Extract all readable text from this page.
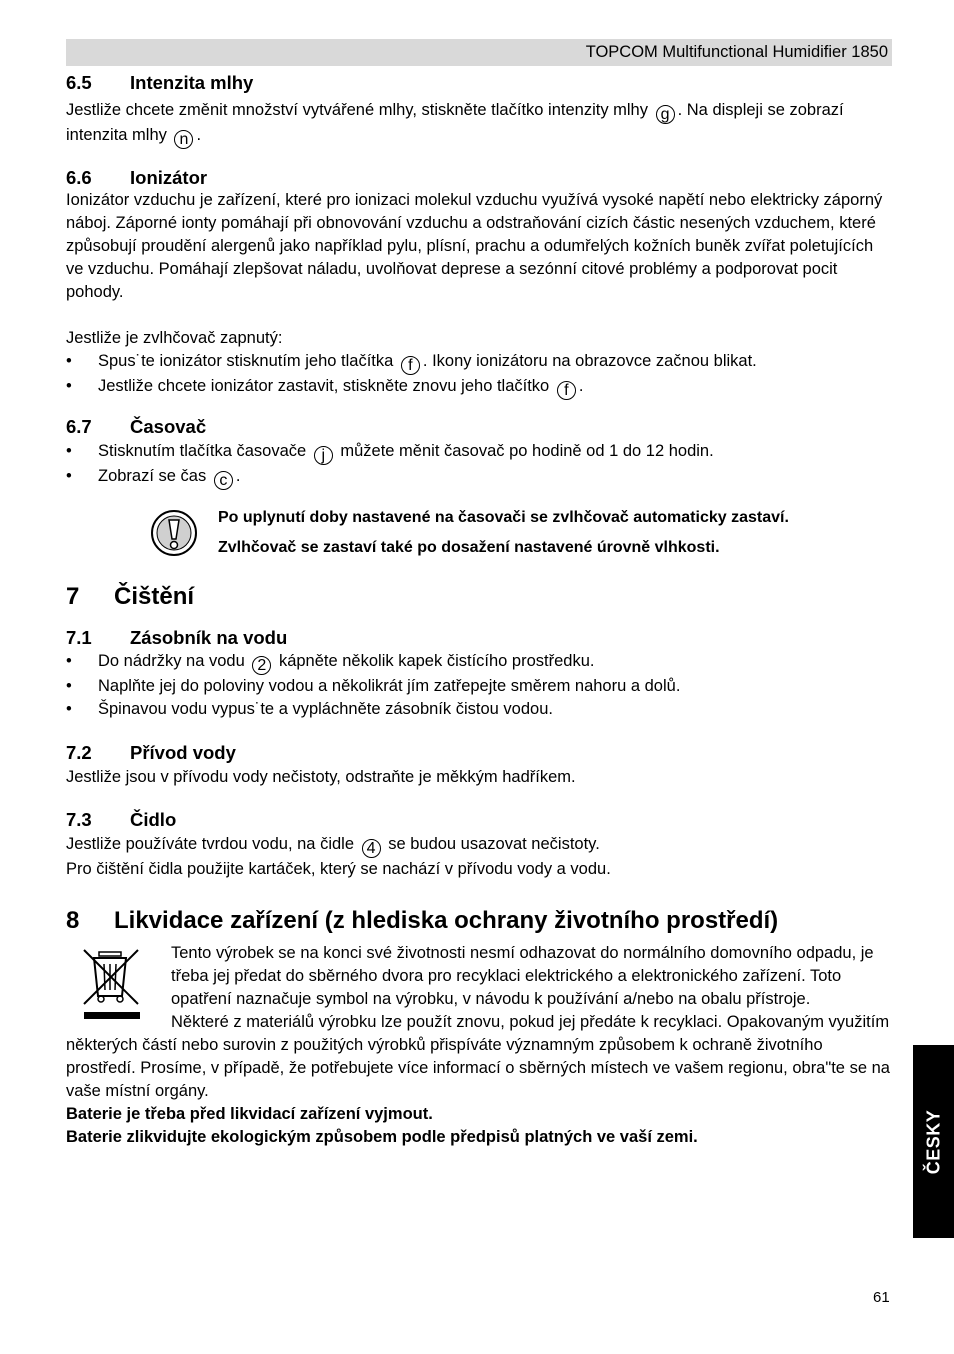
TOPCOM Multifunctional Humidifier 1850
6.5	Intenzita mlhy

Jestliže chcete změnit množství vytvářené mlhy, stiskněte tlačítko intenzity mlhy g . Na displeji se zobrazí intenzita mlhy n .

6.6	Ionizátor

Ionizátor vzduchu je zařízení, které pro ionizaci molekul vzduchu využívá vysoké napětí nebo elektricky záporný náboj. Záporné ionty pomáhají při obnovování vzduchu a odstraňování cizích částic nesených vzduchem, které způsobují proudění alergenů jako například pylu, plísní, prachu a odumřelých kožních buněk zvířat poletujících ve vzduchu. Pomáhají zlepšovat náladu, uvolňovat deprese a sezónní citové problémy a podporovat pocit pohody.

Jestliže je zvlhčovač zapnutý:

• Spus˙te ionizátor stisknutím jeho tlačítka f . Ikony ionizátoru na obrazovce začnou blikat.
• Jestliže chcete ionizátor zastavit, stiskněte znovu jeho tlačítko f .
6.7	Časovač
• Stisknutím tlačítka časovače j můžete měnit časovač po hodině od 1 do 12 hodin.
• Zobrazí se čas c .
Po uplynutí doby nastavené na časovači se zvlhčovač automaticky zastaví.
Zvlhčovač se zastaví také po dosažení nastavené úrovně vlhkosti.
7	Čištění
7.1	Zásobník na vodu
• Do nádržky na vodu 2 kápněte několik kapek čistícího prostředku.
• Naplňte jej do poloviny vodou a několikrát jím zatřepejte směrem nahoru a dolů.
• Špinavou vodu vypus˙te a vypláchněte zásobník čistou vodou.
7.2	Přívod vody

Jestliže jsou v přívodu vody nečistoty, odstraňte je měkkým hadříkem.

7.3	Čidlo

Jestliže používáte tvrdou vodu, na čidle 4 se budou usazovat nečistoty.

Pro čištění čidla použijte kartáček, který se nachází v přívodu vody a vodu.

8	Likvidace zařízení (z hlediska ochrany životního prostředí)

Tento výrobek se na konci své životnosti nesmí odhazovat do normálního domovního odpadu, je třeba jej předat do sběrného dvora pro recyklaci elektrického a elektronického zařízení. Toto opatření naznačuje symbol na výrobku, v návodu k používání a/nebo na obalu přístroje.

Některé z materiálů výrobku lze použít znovu, pokud jej předáte k recyklaci. Opakovaným využitím některých částí nebo surovin z použitých výrobků přispíváte významným způsobem k ochraně životního prostředí. Prosíme, v případě, že potřebujete více informací o sběrných místech ve vašem regionu, obra"te se na vaše místní orgány.

Baterie je třeba před likvidací zařízení vyjmout.

Baterie zlikvidujte ekologickým způsobem podle předpisů platných ve vaší zemi.	ČESKY
61
